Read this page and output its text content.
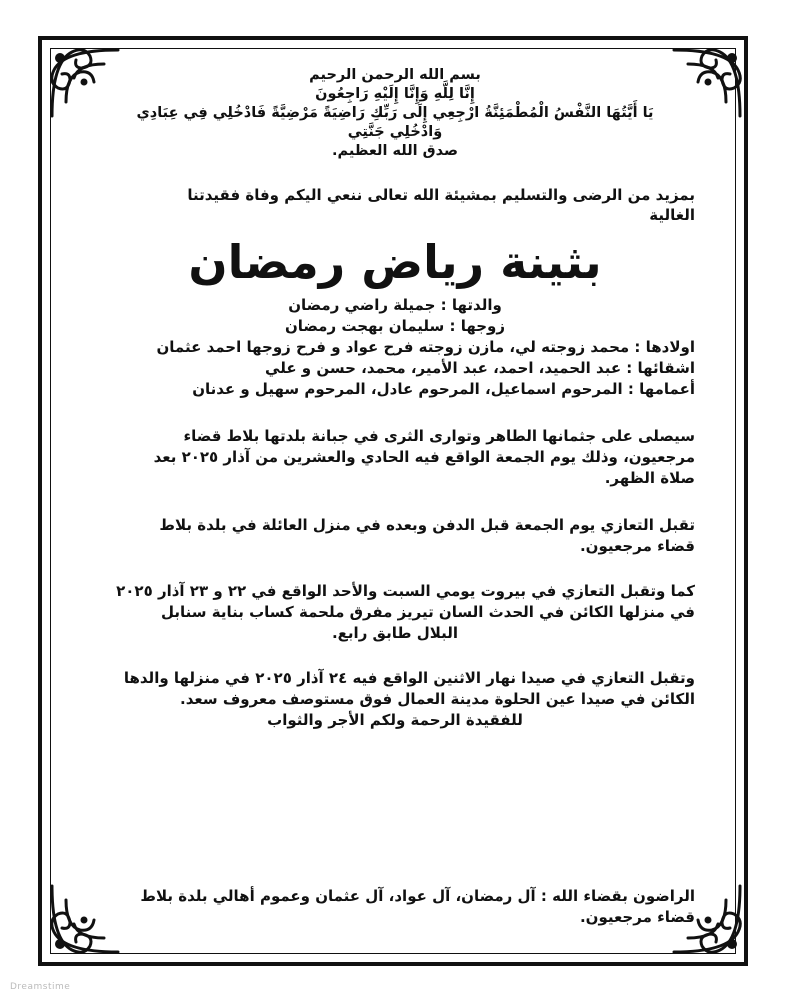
بسم الله الرحمن الرحيم

إِنَّا لِلَّهِ وَإِنَّا إِلَيْهِ رَاجِعُونَ

يَا أَيَّتُهَا النَّفْسُ الْمُطْمَئِنَّةُ ارْجِعِي إِلَى رَبِّكِ رَاضِيَةً مَرْضِيَّةً فَادْخُلِي فِي عِبَادِي

وَادْخُلِي جَنَّتِي

صدق الله العظيم.

بمزيد من الرضى والتسليم بمشيئة الله تعالى ننعي اليكم وفاة فقيدتنا

الغالية

بثينة رياض رمضان

والدتها : جميلة راضي رمضان

زوجها : سليمان بهجت رمضان

اولادها : محمد زوجته لي، مازن زوجته فرح عواد و فرح زوجها احمد عثمان

اشقائها : عبد الحميد، احمد، عبد الأمير، محمد، حسن و علي

أعمامها : المرحوم اسماعيل، المرحوم عادل، المرحوم سهيل و عدنان

سيصلى على جثمانها الطاهر وتوارى الثرى في جبانة بلدتها بلاط قضاء

مرجعيون، وذلك يوم الجمعة الواقع فيه الحادي والعشرين من آذار ٢٠٢٥ بعد

صلاة الظهر.

تقبل التعازي يوم الجمعة قبل الدفن وبعده في منزل العائلة في بلدة بلاط

قضاء مرجعيون.

كما وتقبل التعازي في بيروت يومي السبت والأحد الواقع في ٢٢ و ٢٣ آذار ٢٠٢٥

في منزلها الكائن في الحدث السان تيريز مفرق ملحمة كساب بناية سنابل

البلال طابق رابع.

وتقبل التعازي في صيدا نهار الاثنين الواقع فيه ٢٤ آذار ٢٠٢٥ في منزلها والدها

الكائن في صيدا عين الحلوة مدينة العمال فوق مستوصف معروف سعد.

للفقيدة الرحمة ولكم الأجر والثواب

الراضون بقضاء الله : آل رمضان، آل عواد، آل عثمان وعموم أهالي بلدة بلاط

قضاء مرجعيون.

Dreamstime
